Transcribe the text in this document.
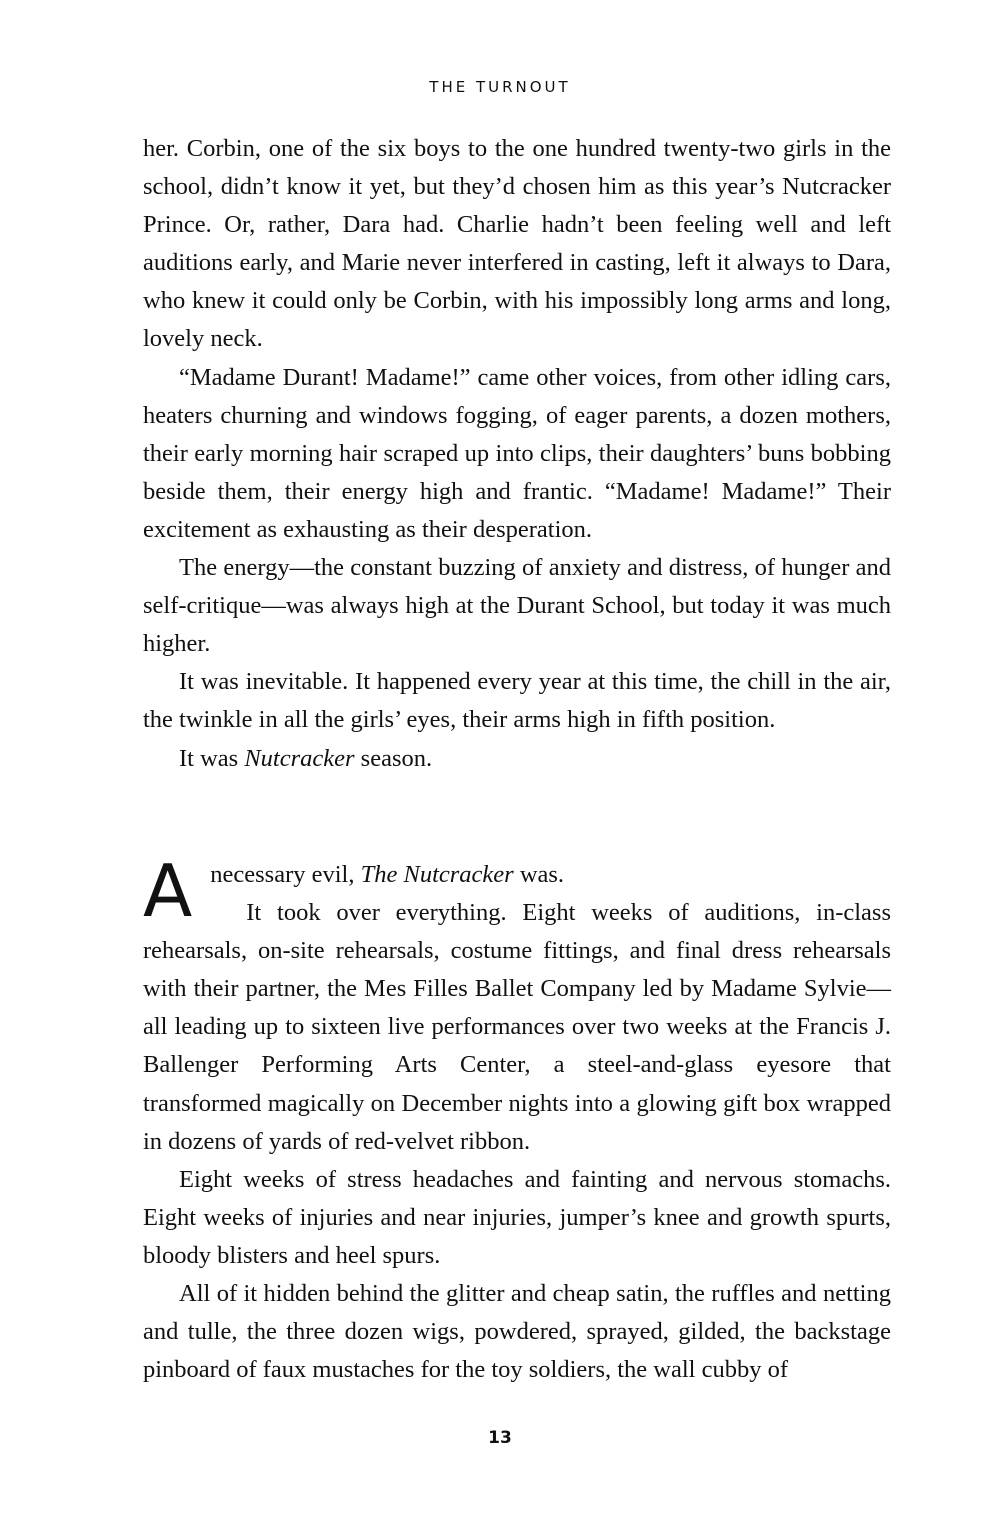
THE TURNOUT

her. Corbin, one of the six boys to the one hundred twenty-two girls in the school, didn’t know it yet, but they’d chosen him as this year’s Nutcracker Prince. Or, rather, Dara had. Charlie hadn’t been feeling well and left auditions early, and Marie never interfered in casting, left it always to Dara, who knew it could only be Corbin, with his impossibly long arms and long, lovely neck.

“Madame Durant! Madame!” came other voices, from other idling cars, heaters churning and windows fogging, of eager parents, a dozen mothers, their early morning hair scraped up into clips, their daughters’ buns bobbing beside them, their energy high and frantic. “Madame! Madame!” Their excitement as exhausting as their desperation.

The energy—the constant buzzing of anxiety and distress, of hunger and self-critique—was always high at the Durant School, but today it was much higher.

It was inevitable. It happened every year at this time, the chill in the air, the twinkle in all the girls’ eyes, their arms high in fifth position.

It was Nutcracker season.

A necessary evil, The Nutcracker was.

It took over everything. Eight weeks of auditions, in-class rehearsals, on-site rehearsals, costume fittings, and final dress rehearsals with their partner, the Mes Filles Ballet Company led by Madame Sylvie—all leading up to sixteen live performances over two weeks at the Francis J. Ballenger Performing Arts Center, a steel-and-glass eyesore that transformed magically on December nights into a glowing gift box wrapped in dozens of yards of red-velvet ribbon.

Eight weeks of stress headaches and fainting and nervous stomachs. Eight weeks of injuries and near injuries, jumper’s knee and growth spurts, bloody blisters and heel spurs.

All of it hidden behind the glitter and cheap satin, the ruffles and netting and tulle, the three dozen wigs, powdered, sprayed, gilded, the backstage pinboard of faux mustaches for the toy soldiers, the wall cubby of

13
